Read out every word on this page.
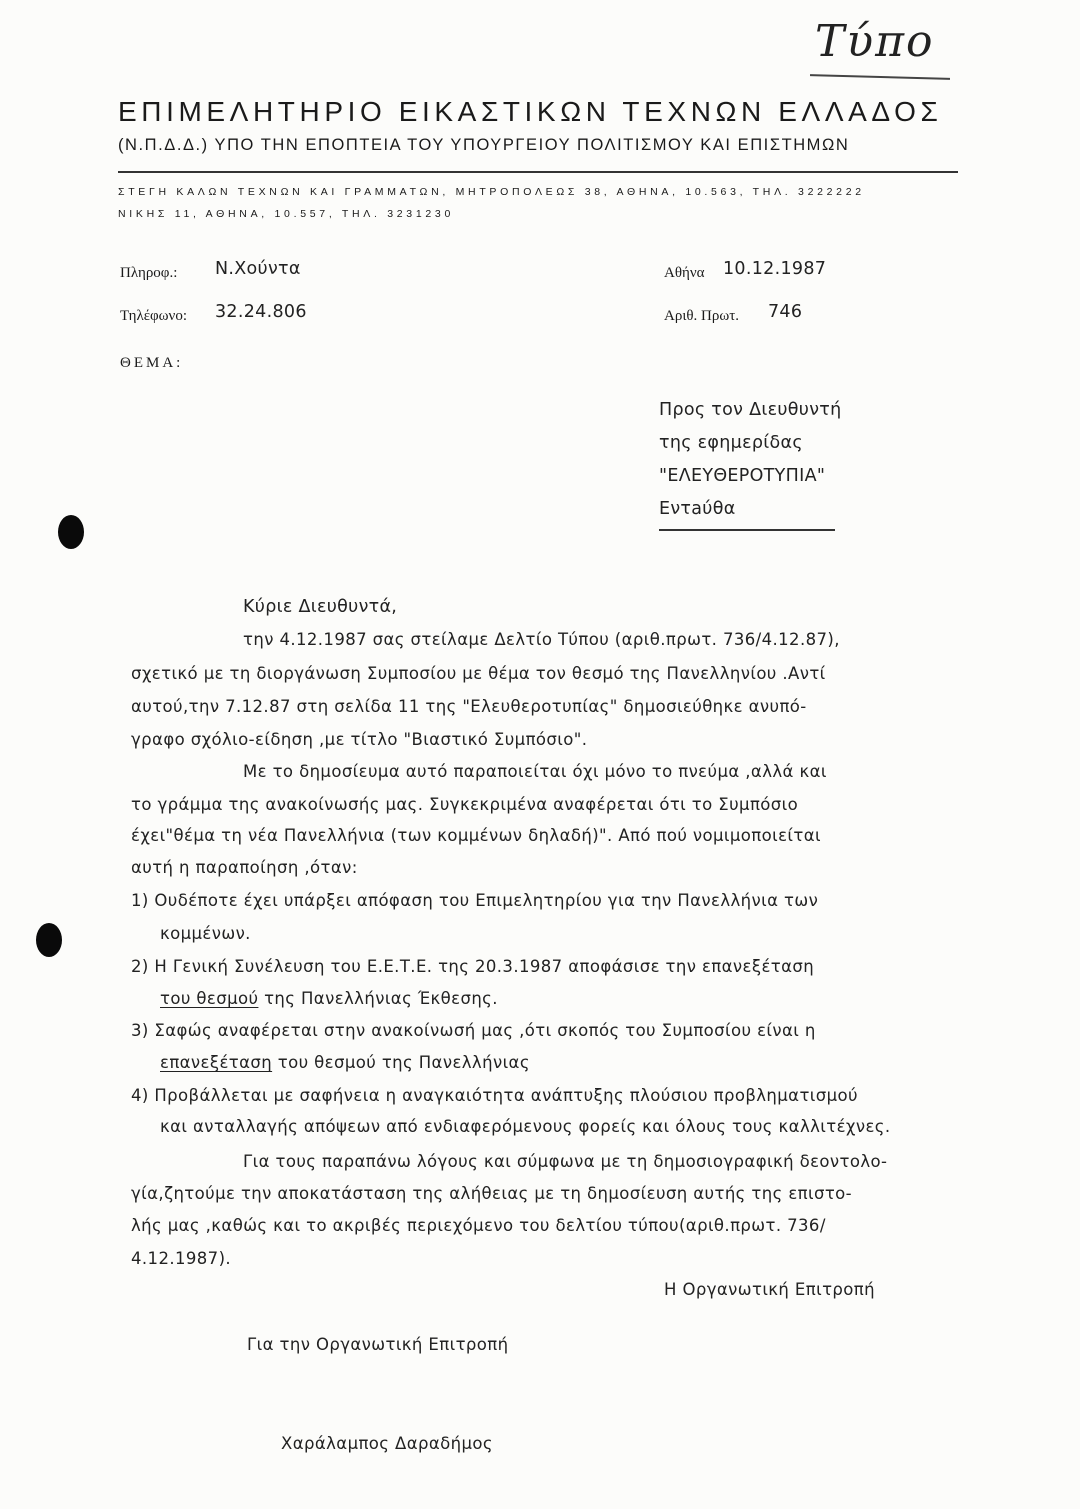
Τύπο
ΕΠΙΜΕΛΗΤΗΡΙΟ ΕΙΚΑΣΤΙΚΩΝ ΤΕΧΝΩΝ ΕΛΛΑΔΟΣ
(Ν.Π.Δ.Δ.) ΥΠΟ ΤΗΝ ΕΠΟΠΤΕΙΑ ΤΟΥ ΥΠΟΥΡΓΕΙΟΥ ΠΟΛΙΤΙΣΜΟΥ ΚΑΙ ΕΠΙΣΤΗΜΩΝ
ΣΤΕΓΗ ΚΑΛΩΝ ΤΕΧΝΩΝ ΚΑΙ ΓΡΑΜΜΑΤΩΝ, ΜΗΤΡΟΠΟΛΕΩΣ 38, ΑΘΗΝΑ, 10.563, ΤΗΛ. 3222222
ΝΙΚΗΣ 11, ΑΘΗΝΑ, 10.557, ΤΗΛ. 3231230
Πληροφ.: Ν.Χούντα
Τηλέφωνο: 32.24.806
Αθήνα 10.12.1987
Αριθ. Πρωτ. 746
ΘΕΜΑ:
Προς τον Διευθυντή
της εφημερίδας
"ΕΛΕΥΘΕΡΟΤΥΠΙΑ"
Εντaύθα
Κύριε Διευθυντά,
την 4.12.1987 σας στείλαμε Δελτίο Τύπου (αριθ.πρωτ. 736/4.12.87),
σχετικό με τη διοργάνωση Συμποσίου με θέμα τον θεσμό της Πανελληνίου .Αντί
αυτού,την 7.12.87 στη σελίδα 11 της "Ελευθεροτυπίας" δημοσιεύθηκε ανυπό-
γραφο σχόλιο-είδηση ,με τίτλο "Βιαστικό Συμπόσιο".
Με το δημοσίευμα αυτό παραποιείται όχι μόνο το πνεύμα ,αλλά και
το γράμμα της ανακοίνωσής μας. Συγκεκριμένα αναφέρεται ότι το Συμπόσιο
έχει"θέμα τη νέα Πανελλήνια (των κομμένων δηλαδή)". Από πού νομιμοποιείται
αυτή η παραποίηση ,όταν:
1) Ουδέποτε έχει υπάρξει απόφαση του Επιμελητηρίου για την Πανελλήνια των
κομμένων.
2) Η Γενική Συνέλευση του Ε.Ε.Τ.Ε. της 20.3.1987 αποφάσισε την επανεξέταση
του θεσμού της Πανελλήνιας Έκθεσης.
3) Σαφώς αναφέρεται στην ανακοίνωσή μας ,ότι σκοπός του Συμποσίου είναι η
επανεξέταση του θεσμού της Πανελλήνιας
4) Προβάλλεται με σαφήνεια η αναγκαιότητα ανάπτυξης πλούσιου προβληματισμού
και ανταλλαγής απόψεων από ενδιαφερόμενους φορείς και όλους τους καλλιτέχνες.
Για τους παραπάνω λόγους και σύμφωνα με τη δημοσιογραφική δεοντολο-
γία,ζητούμε την αποκατάσταση της αλήθειας με τη δημοσίευση αυτής της επιστο-
λής μας ,καθώς και το ακριβές περιεχόμενο του δελτίου τύπου(αριθ.πρωτ. 736/
4.12.1987).
Η Οργανωτική Επιτροπή
Για την Οργανωτική Επιτροπή
Χαράλαμπος Δαραδήμος
